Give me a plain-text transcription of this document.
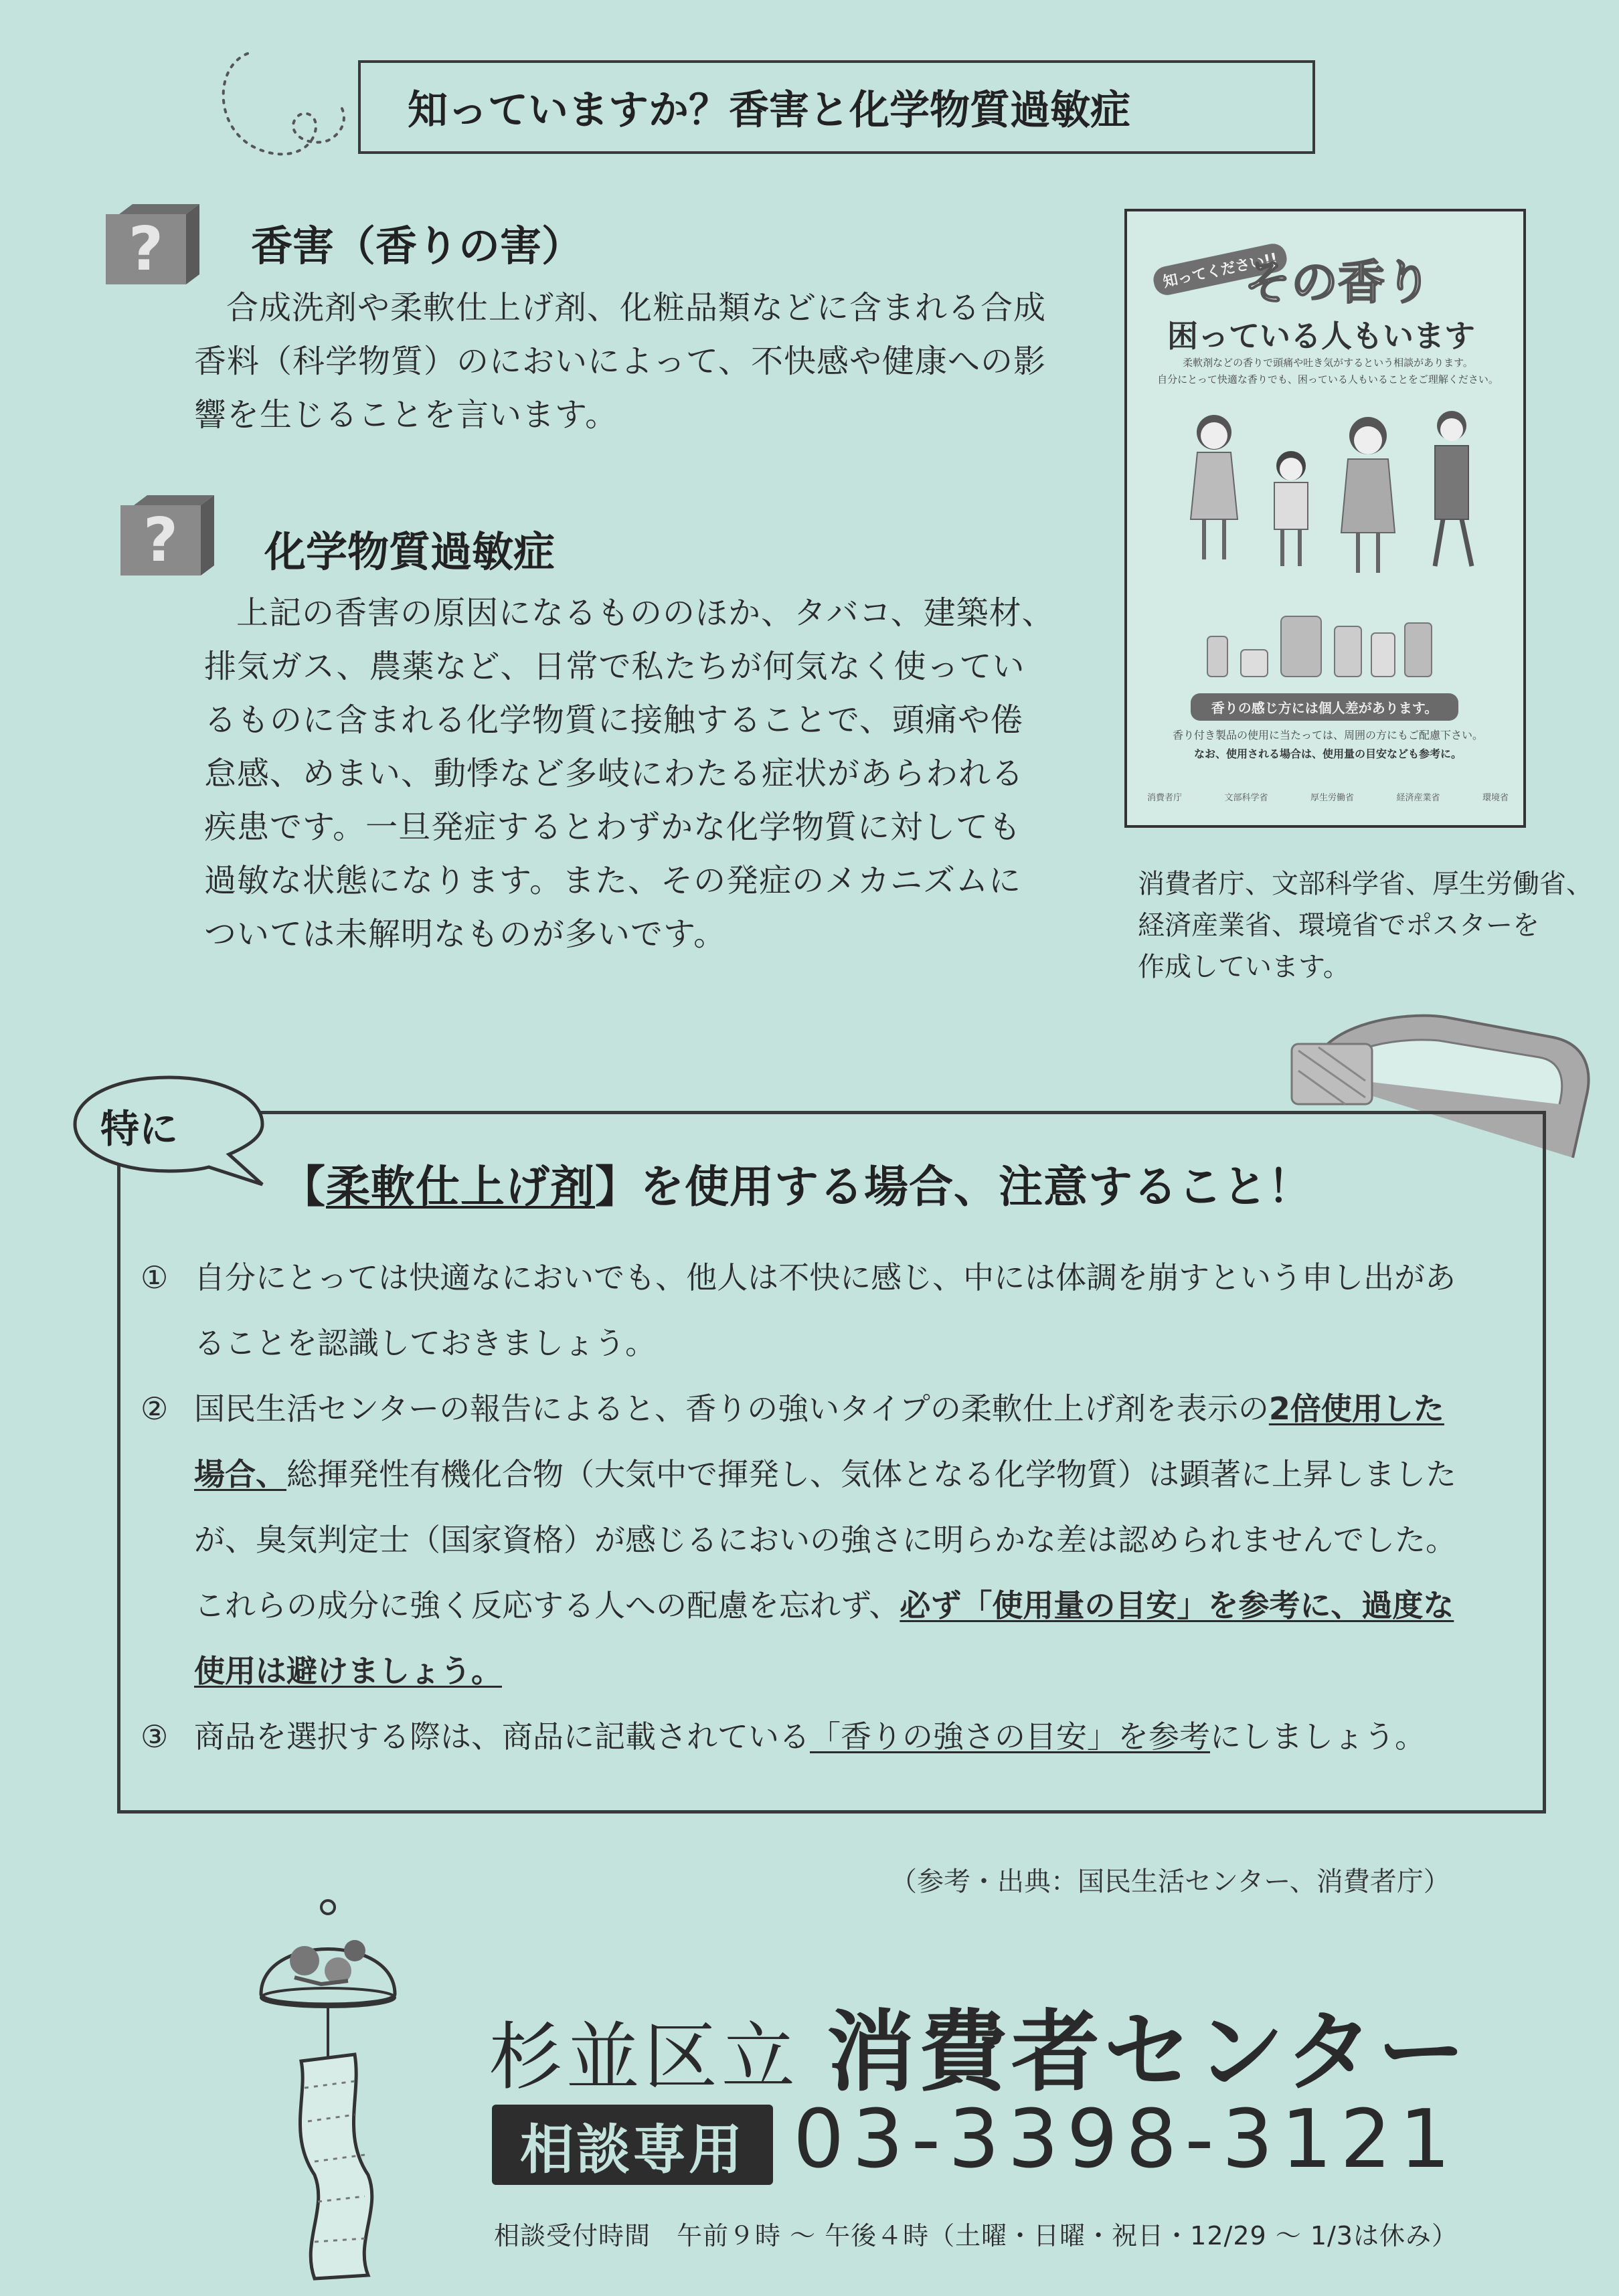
知っていますか？香害と化学物質過敏症
? 香害（香りの害）

合成洗剤や柔軟仕上げ剤、化粧品類などに含まれる合成

香料（科学物質）のにおいによって、不快感や健康への影

響を生じることを言います。

? 化学物質過敏症

上記の香害の原因になるもののほか、タバコ、建築材、

排気ガス、農薬など、日常で私たちが何気なく使ってい

るものに含まれる化学物質に接触することで、頭痛や倦

怠感、めまい、動悸など多岐にわたる症状があらわれる

疾患です。一旦発症するとわずかな化学物質に対しても

過敏な状態になります。また、その発症のメカニズムに

ついては未解明なものが多いです。

知ってください!!
その香り
困っている人もいます
柔軟剤などの香りで頭痛や吐き気がするという相談があります。
自分にとって快適な香りでも、困っている人もいることをご理解ください。
香りの感じ方には個人差があります。
香り付き製品の使用に当たっては、周囲の方にもご配慮下さい。
なお、使用される場合は、使用量の目安なども参考に。
消費者庁	文部科学省	厚生労働省	経済産業省	環境省
消費者庁、文部科学省、厚生労働省、
経済産業省、環境省でポスターを
作成しています。
特に
【柔軟仕上げ剤】を使用する場合、注意すること！
① 自分にとっては快適なにおいでも、他人は不快に感じ、中には体調を崩すという申し出があ
ることを認識しておきましょう。
② 国民生活センターの報告によると、香りの強いタイプの柔軟仕上げ剤を表示の2倍使用した
場合、総揮発性有機化合物（大気中で揮発し、気体となる化学物質）は顕著に上昇しました
が、臭気判定士（国家資格）が感じるにおいの強さに明らかな差は認められませんでした。
これらの成分に強く反応する人への配慮を忘れず、必ず「使用量の目安」を参考に、過度な
使用は避けましょう。
③ 商品を選択する際は、商品に記載されている「香りの強さの目安」を参考にしましょう。
（参考・出典：国民生活センター、消費者庁）
杉並区立 消費者センター
相談専用 03-3398-3121
相談受付時間　午前９時 〜 午後４時（土曜・日曜・祝日・12/29 〜 1/3は休み）
